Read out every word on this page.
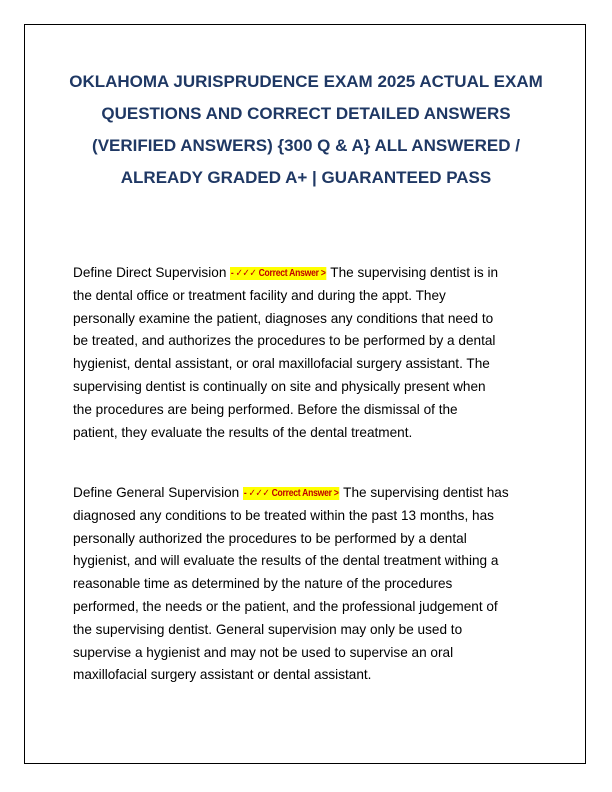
OKLAHOMA JURISPRUDENCE EXAM 2025 ACTUAL EXAM
QUESTIONS AND CORRECT DETAILED ANSWERS
(VERIFIED ANSWERS) {300 Q & A} ALL ANSWERED /
ALREADY GRADED A+ | GUARANTEED PASS
Define Direct Supervision - ✓✓✓ Correct Answer > The supervising dentist is in
the dental office or treatment facility and during the appt. They
personally examine the patient, diagnoses any conditions that need to
be treated, and authorizes the procedures to be performed by a dental
hygienist, dental assistant, or oral maxillofacial surgery assistant. The
supervising dentist is continually on site and physically present when
the procedures are being performed. Before the dismissal of the
patient, they evaluate the results of the dental treatment.
Define General Supervision - ✓✓✓ Correct Answer > The supervising dentist has
diagnosed any conditions to be treated within the past 13 months, has
personally authorized the procedures to be performed by a dental
hygienist, and will evaluate the results of the dental treatment withing a
reasonable time as determined by the nature of the procedures
performed, the needs or the patient, and the professional judgement of
the supervising dentist. General supervision may only be used to
supervise a hygienist and may not be used to supervise an oral
maxillofacial surgery assistant or dental assistant.
